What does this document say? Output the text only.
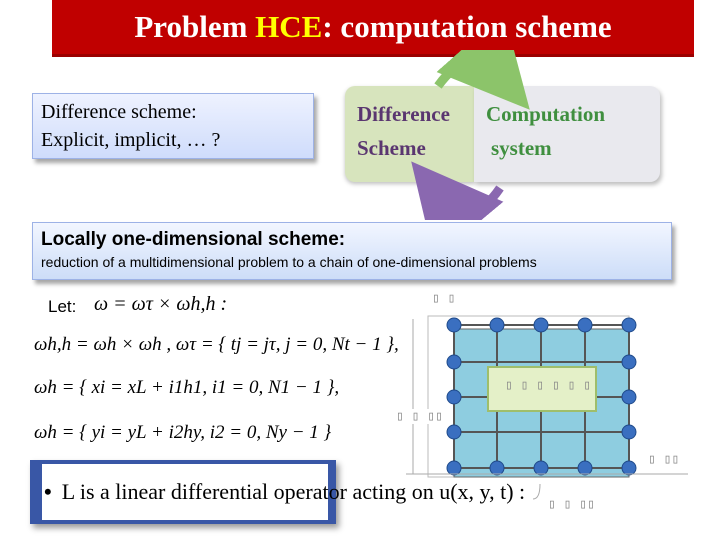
Problem HCE: computation scheme
Difference scheme:
Explicit, implicit, … ?
Difference
Scheme
Computation
system
Locally one-dimensional scheme:
reduction of a multidimensional problem to a chain of one-dimensional problems
Let: ω = ωτ × ωh,h :
ωh,h = ωh × ωh , ωτ = { tj = jτ, j = 0, Nt − 1 },
ωh = { xi = xL + i1h1, i1 = 0, N1 − 1 },
ωh = { yi = yL + i2hy, i2 = 0, Ny − 1 }
• L is a linear differential operator acting on u(x, y, t) :
▯ ▯
▯ ▯ ▯ ▯ ▯ ▯
▯ ▯ ▯▯
▯ ▯▯
▯ ▯ ▯▯
